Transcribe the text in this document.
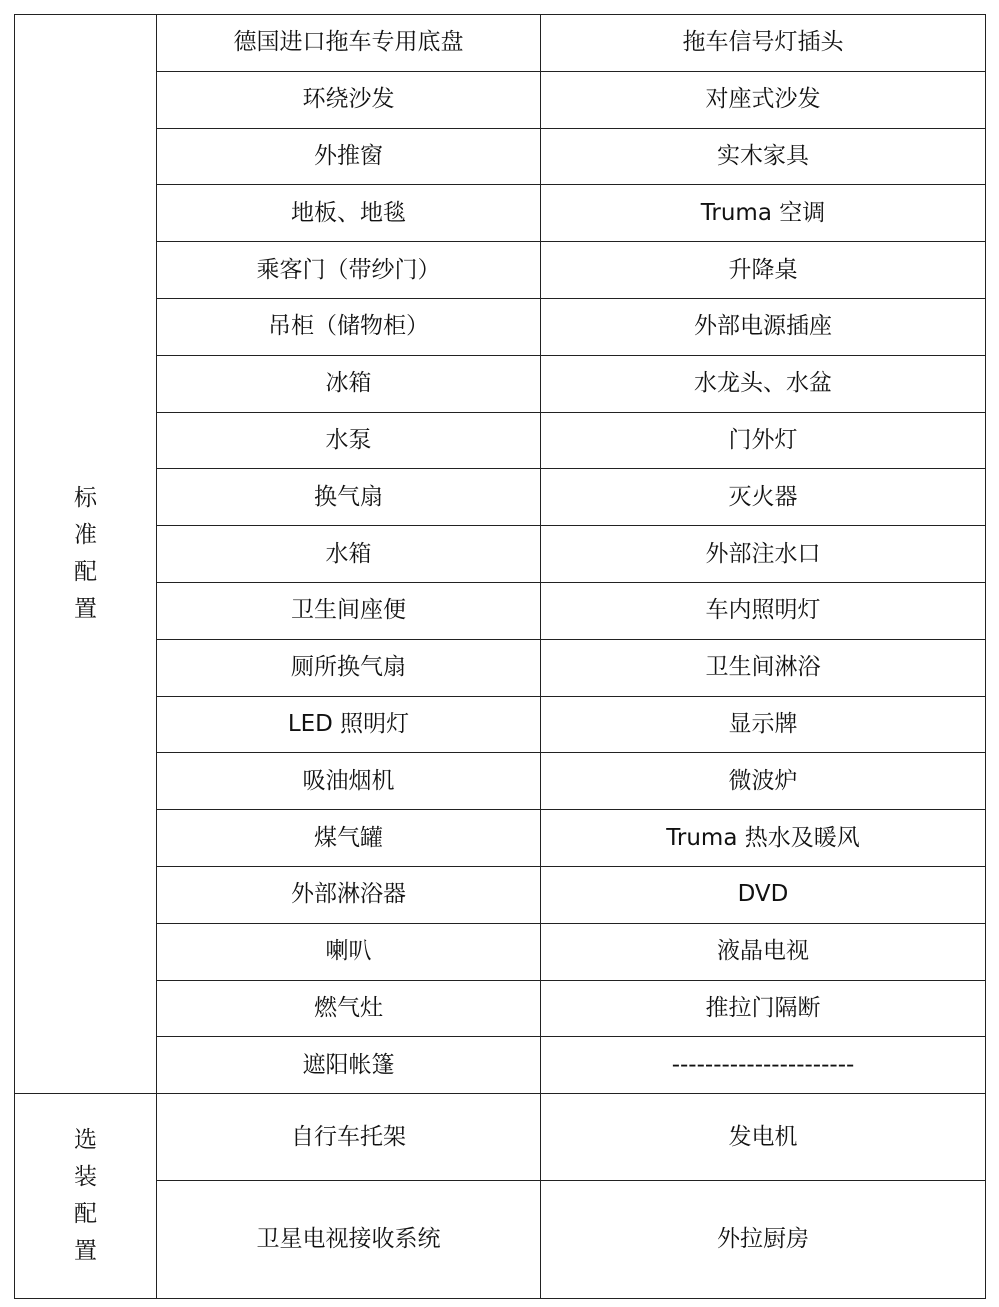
标
准
配
置	德国进口拖车专用底盘	拖车信号灯插头
	环绕沙发	对座式沙发
	外推窗	实木家具
	地板、地毯	Truma 空调
	乘客门（带纱门）	升降桌
	吊柜（储物柜）	外部电源插座
	冰箱	水龙头、水盆
	水泵	门外灯
	换气扇	灭火器
	水箱	外部注水口
	卫生间座便	车内照明灯
	厕所换气扇	卫生间淋浴
	LED 照明灯	显示牌
	吸油烟机	微波炉
	煤气罐	Truma 热水及暖风
	外部淋浴器	DVD
	喇叭	液晶电视
	燃气灶	推拉门隔断
	遮阳帐篷	----------------------

选
装
配
置	自行车托架	发电机
	卫星电视接收系统	外拉厨房
